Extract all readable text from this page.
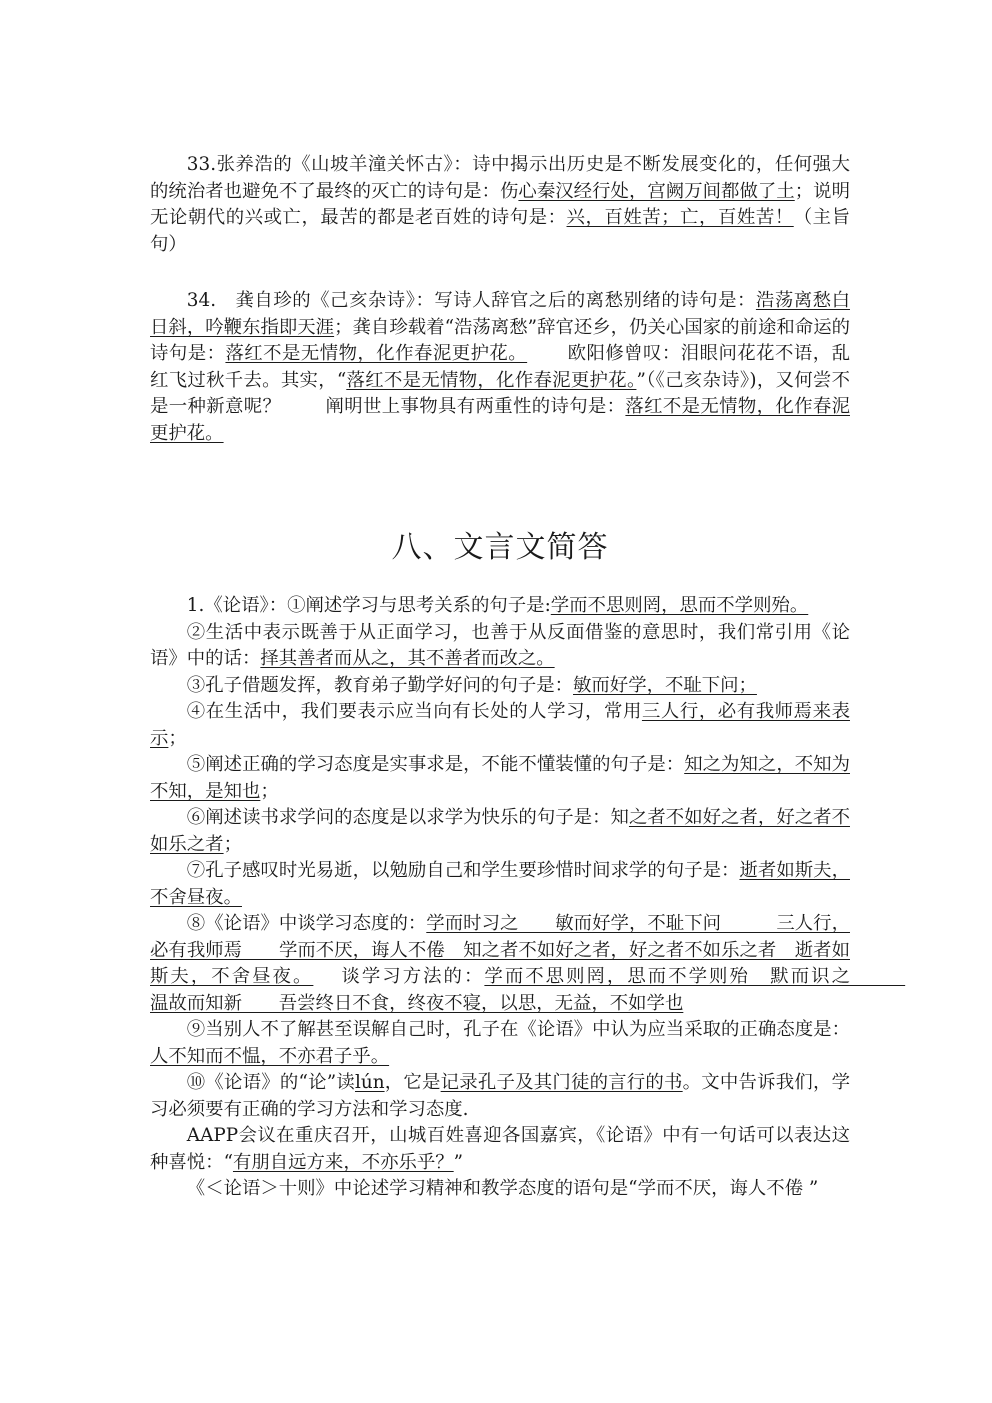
33.张养浩的《山坡羊潼关怀古》：诗中揭示出历史是不断发展变化的，任何强大的统治者也避免不了最终的灭亡的诗句是：伤心秦汉经行处，宫阙万间都做了土；说明无论朝代的兴或亡，最苦的都是老百姓的诗句是：兴，百姓苦；亡，百姓苦！（主旨句）

34.　龚自珍的《己亥杂诗》：写诗人辞官之后的离愁别绪的诗句是：浩荡离愁白日斜，吟鞭东指即天涯；龚自珍载着“浩荡离愁”辞官还乡，仍关心国家的前途和命运的诗句是：落红不是无情物，化作春泥更护花。 欧阳修曾叹：泪眼问花花不语，乱红飞过秋千去。其实，“落红不是无情物，化作春泥更护花。”（《己亥杂诗》)，又何尝不是一种新意呢？ 阐明世上事物具有两重性的诗句是：落红不是无情物，化作春泥更护花。

八、文言文简答

1.《论语》：①阐述学习与思考关系的句子是:学而不思则罔，思而不学则殆。

②生活中表示既善于从正面学习，也善于从反面借鉴的意思时，我们常引用《论语》中的话：择其善者而从之，其不善者而改之。

③孔子借题发挥，教育弟子勤学好问的句子是：敏而好学，不耻下问；

④在生活中，我们要表示应当向有长处的人学习，常用三人行，必有我师焉来表示；

⑤阐述正确的学习态度是实事求是，不能不懂装懂的句子是：知之为知之，不知为不知，是知也；

⑥阐述读书求学问的态度是以求学为快乐的句子是：知之者不如好之者，好之者不如乐之者；

⑦孔子感叹时光易逝，以勉励自己和学生要珍惜时间求学的句子是：逝者如斯夫，不舍昼夜。

⑧《论语》中谈学习态度的：学而时习之　　敏而好学，不耻下问　　　三人行，必有我师焉　　学而不厌，诲人不倦　知之者不如好之者，好之者不如乐之者　逝者如斯夫，不舍昼夜。 谈学习方法的：学而不思则罔，思而不学则殆　默而识之　　　温故而知新　　吾尝终日不食，终夜不寝，以思，无益，不如学也

⑨当别人不了解甚至误解自己时，孔子在《论语》中认为应当采取的正确态度是：人不知而不愠，不亦君子乎。

⑩《论语》的“论”读lún，它是记录孔子及其门徒的言行的书。文中告诉我们，学习必须要有正确的学习方法和学习态度.

AAPP会议在重庆召开，山城百姓喜迎各国嘉宾，《论语》中有一句话可以表达这种喜悦：“有朋自远方来，不亦乐乎？”

《＜论语＞十则》中论述学习精神和教学态度的语句是“学而不厌，诲人不倦 ”
